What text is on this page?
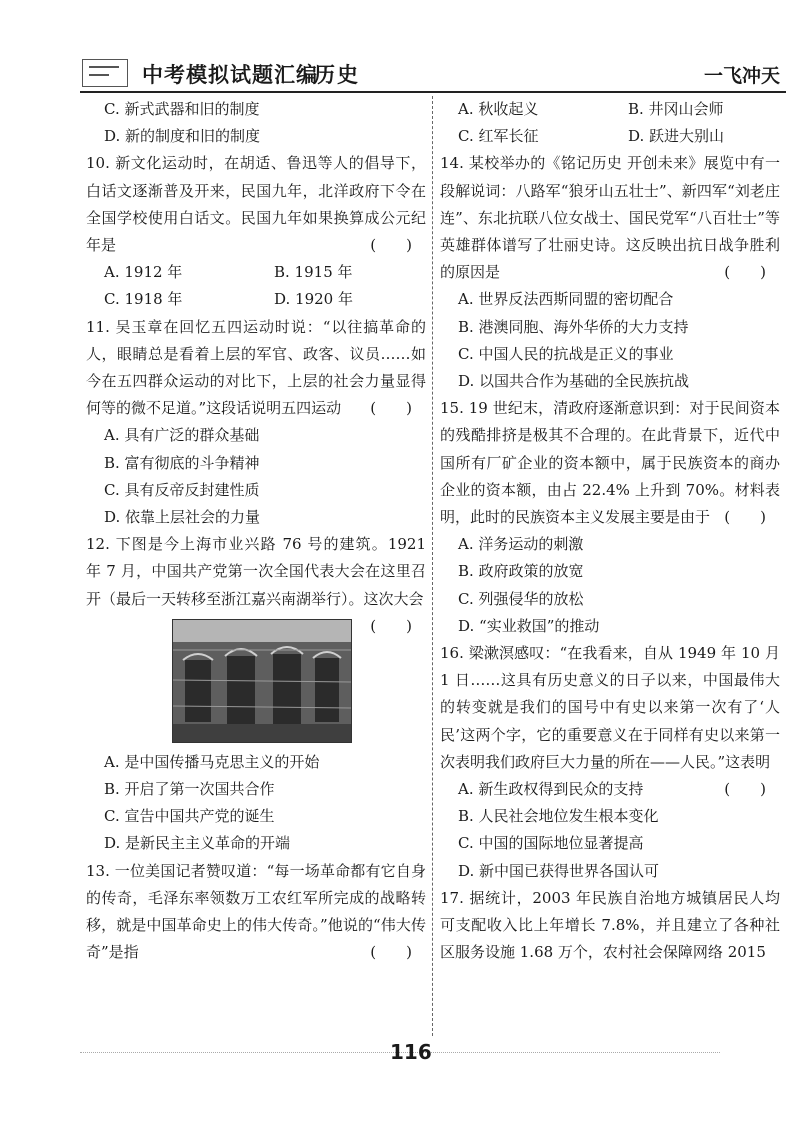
中考模拟试题汇编
历史	一飞冲天
C. 新式武器和旧的制度
D. 新的制度和旧的制度
10. 新文化运动时，在胡适、鲁迅等人的倡导下，白话文逐渐普及开来，民国九年，北洋政府下令在全国学校使用白话文。民国九年如果换算成公元纪年是	(　　)
A. 1912 年	B. 1915 年
C. 1918 年	D. 1920 年
11. 吴玉章在回忆五四运动时说：“以往搞革命的人，眼睛总是看着上层的军官、政客、议员……如今在五四群众运动的对比下，上层的社会力量显得何等的微不足道。”这段话说明五四运动 (　　)
A. 具有广泛的群众基础
B. 富有彻底的斗争精神
C. 具有反帝反封建性质
D. 依靠上层社会的力量
12. 下图是今上海市业兴路 76 号的建筑。1921 年 7 月，中国共产党第一次全国代表大会在这里召开（最后一天转移至浙江嘉兴南湖举行）。这次大会
(　　)
A. 是中国传播马克思主义的开始
B. 开启了第一次国共合作
C. 宣告中国共产党的诞生
D. 是新民主主义革命的开端
13. 一位美国记者赞叹道：“每一场革命都有它自身的传奇，毛泽东率领数万工农红军所完成的战略转移，就是中国革命史上的伟大传奇。”他说的“伟大传奇”是指	(　　)
A. 秋收起义	B. 井冈山会师
C. 红军长征	D. 跃进大别山
14. 某校举办的《铭记历史 开创未来》展览中有一段解说词：八路军“狼牙山五壮士”、新四军“刘老庄连”、东北抗联八位女战士、国民党军“八百壮士”等英雄群体谱写了壮丽史诗。这反映出抗日战争胜利的原因是	(　　)
A. 世界反法西斯同盟的密切配合
B. 港澳同胞、海外华侨的大力支持
C. 中国人民的抗战是正义的事业
D. 以国共合作为基础的全民族抗战
15. 19 世纪末，清政府逐渐意识到：对于民间资本的残酷排挤是极其不合理的。在此背景下，近代中国所有厂矿企业的资本额中，属于民族资本的商办企业的资本额，由占 22.4% 上升到 70%。材料表明，此时的民族资本主义发展主要是由于 (　　)
A. 洋务运动的刺激
B. 政府政策的放宽
C. 列强侵华的放松
D. “实业救国”的推动
16. 梁漱溟感叹：“在我看来，自从 1949 年 10 月 1 日……这具有历史意义的日子以来，中国最伟大的转变就是我们的国号中有史以来第一次有了‘人民’这两个字，它的重要意义在于同样有史以来第一次表明我们政府巨大力量的所在——人民。”这表明
(　　)
A. 新生政权得到民众的支持
B. 人民社会地位发生根本变化
C. 中国的国际地位显著提高
D. 新中国已获得世界各国认可
17. 据统计，2003 年民族自治地方城镇居民人均可支配收入比上年增长 7.8%，并且建立了各种社区服务设施 1.68 万个，农村社会保障网络 2015
116
